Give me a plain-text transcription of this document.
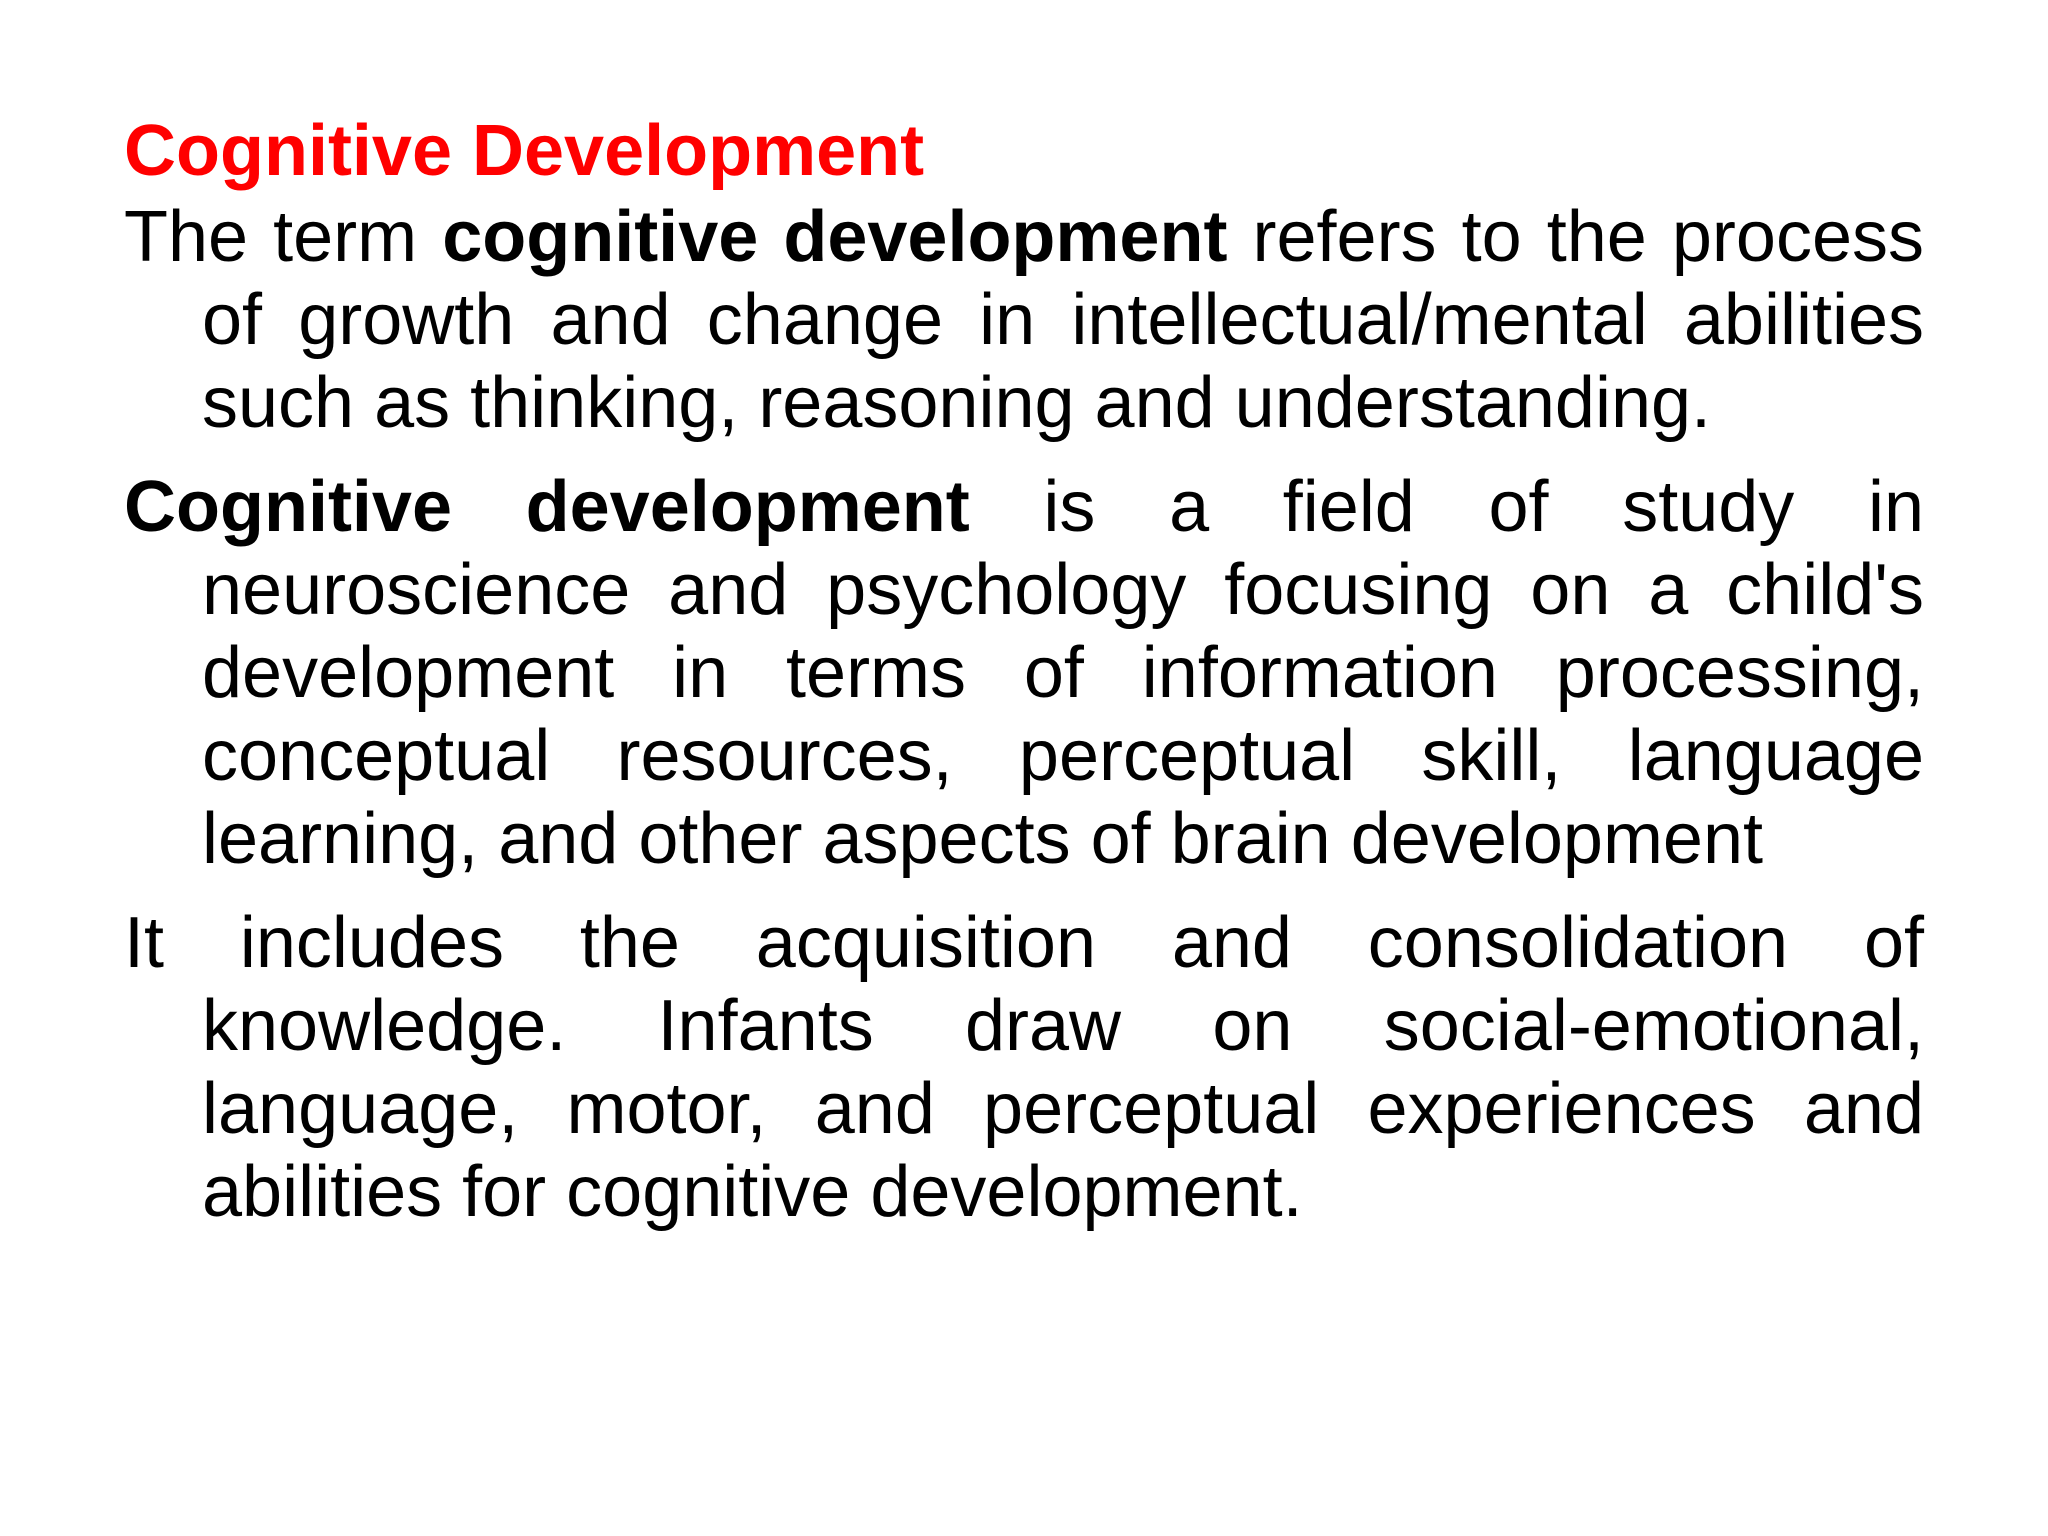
Cognitive Development
The term cognitive development refers to the process of growth and change in intellectual/mental abilities such as thinking, reasoning and understanding.
Cognitive development is a field of study in neuroscience and psychology focusing on a child's development in terms of information processing, conceptual resources, perceptual skill, language learning, and other aspects of brain development
It includes the acquisition and consolidation of knowledge. Infants draw on social-emotional, language, motor, and perceptual experiences and abilities for cognitive development.
